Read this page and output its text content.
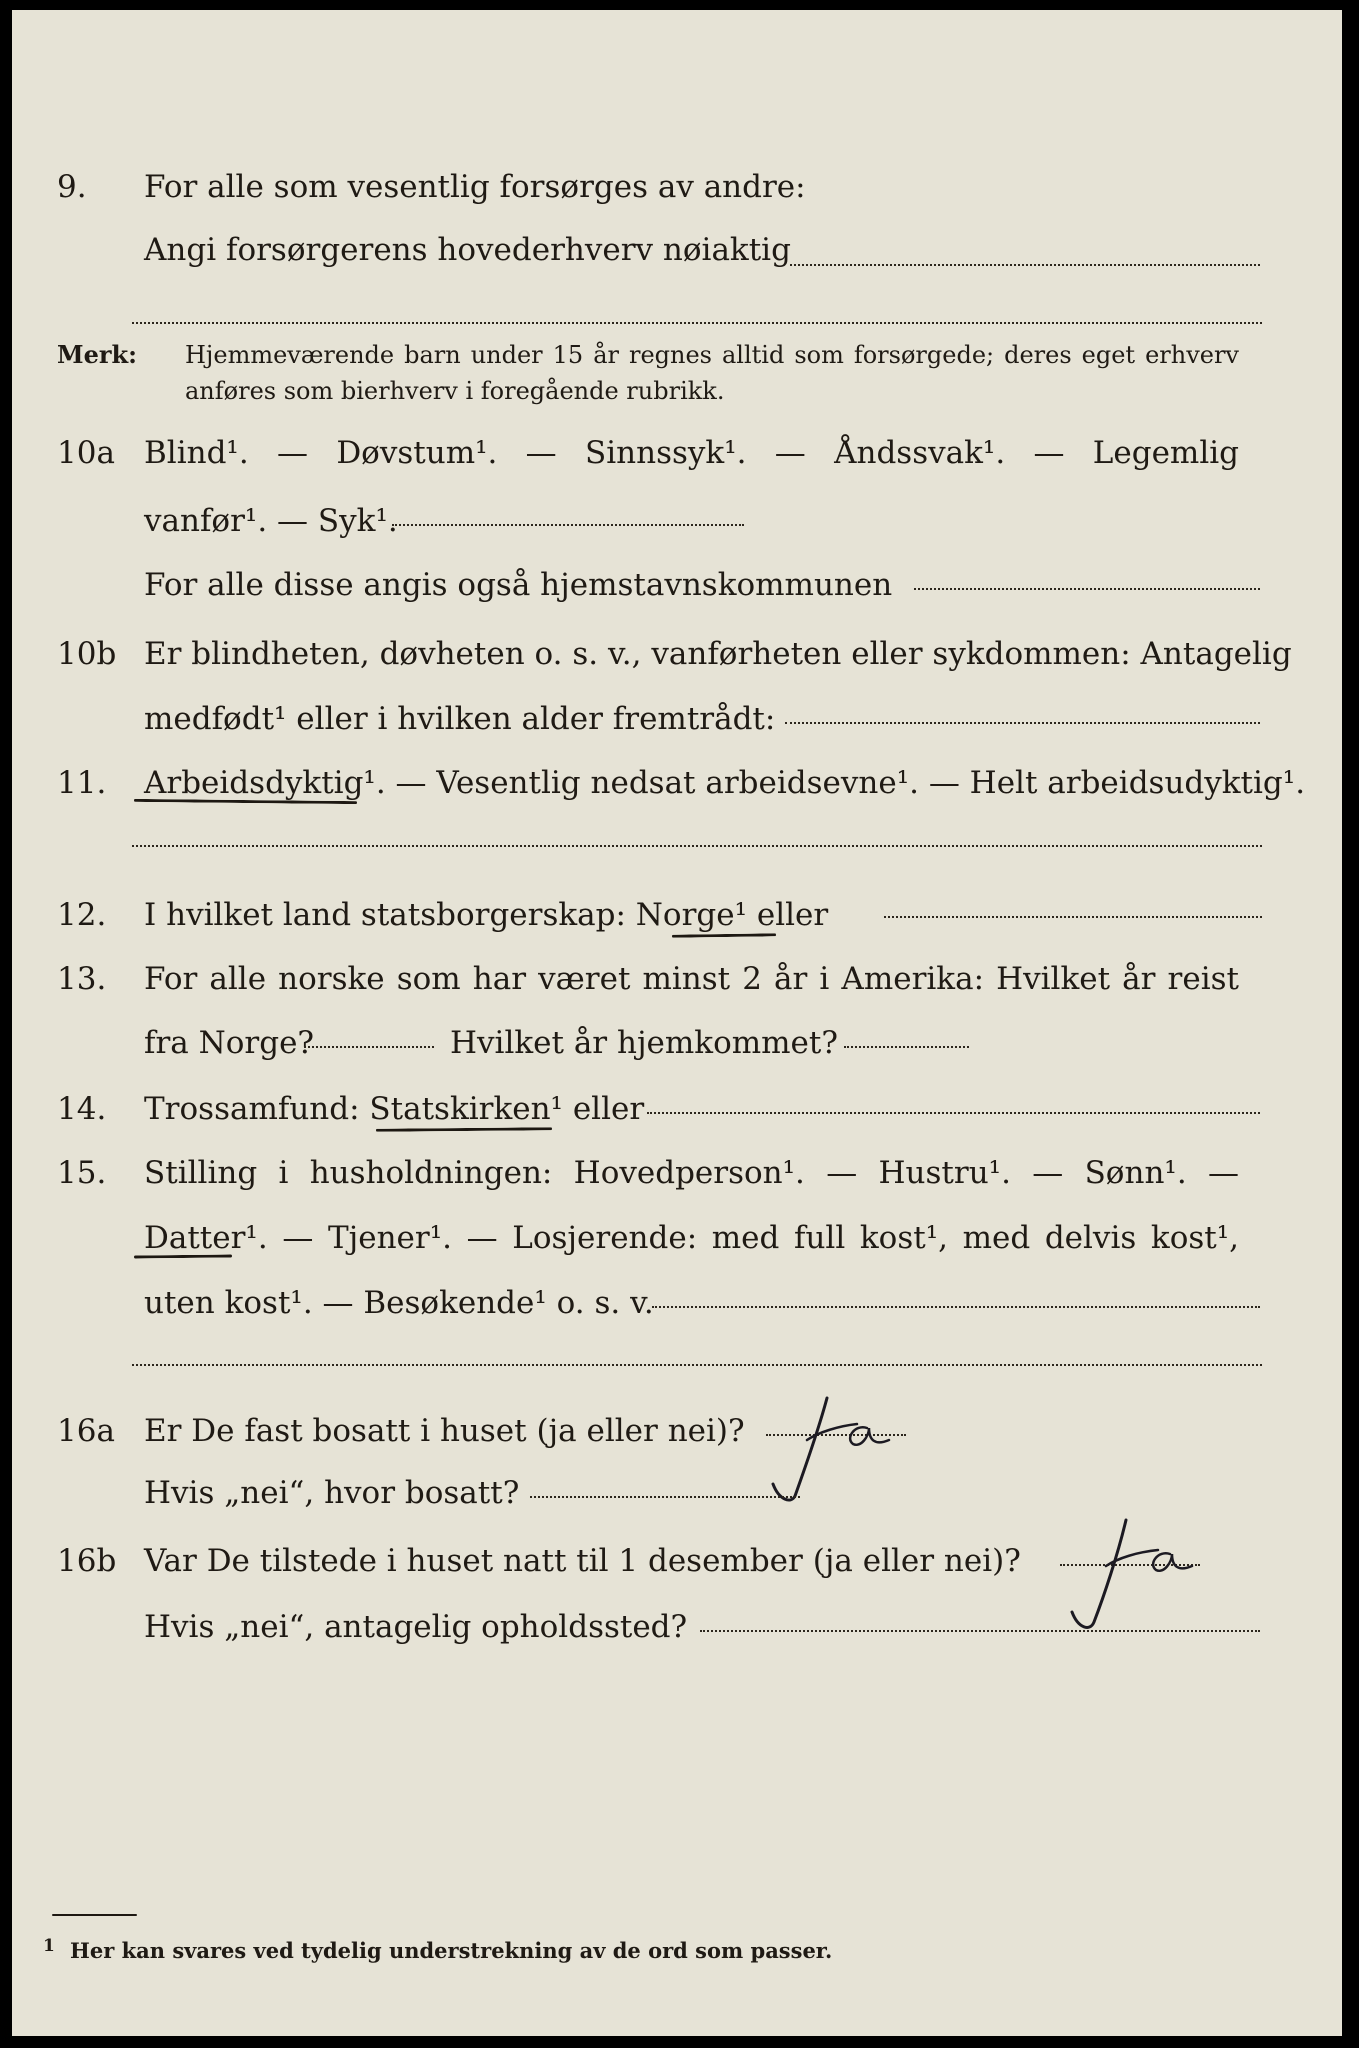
9. For alle som vesentlig forsørges av andre:
Angi forsørgerens hovederhverv nøiaktig
Merk: Hjemmeværende barn under 15 år regnes alltid som forsørgede; deres eget erhverv
anføres som bierhverv i foregående rubrikk.
10a Blind¹. — Døvstum¹. — Sinnssyk¹. — Åndssvak¹. — Legemlig
vanfør¹. — Syk¹.
For alle disse angis også hjemstavnskommunen
10b Er blindheten, døvheten o. s. v., vanførheten eller sykdommen: Antagelig
medfødt¹ eller i hvilken alder fremtrådt:
11. Arbeidsdyktig¹. — Vesentlig nedsat arbeidsevne¹. — Helt arbeidsudyktig¹.
12. I hvilket land statsborgerskap: Norge¹ eller
13. For alle norske som har været minst 2 år i Amerika: Hvilket år reist
fra Norge?	Hvilket år hjemkommet?
14. Trossamfund: Statskirken¹ eller
15. Stilling i husholdningen: Hovedperson¹. — Hustru¹. — Sønn¹. —
Datter¹. — Tjener¹. — Losjerende: med full kost¹, med delvis kost¹,
uten kost¹. — Besøkende¹ o. s. v.
16a Er De fast bosatt i huset (ja eller nei)?
Hvis „nei“, hvor bosatt?
16b Var De tilstede i huset natt til 1 desember (ja eller nei)?
Hvis „nei“, antagelig opholdssted?
1 Her kan svares ved tydelig understrekning av de ord som passer.
